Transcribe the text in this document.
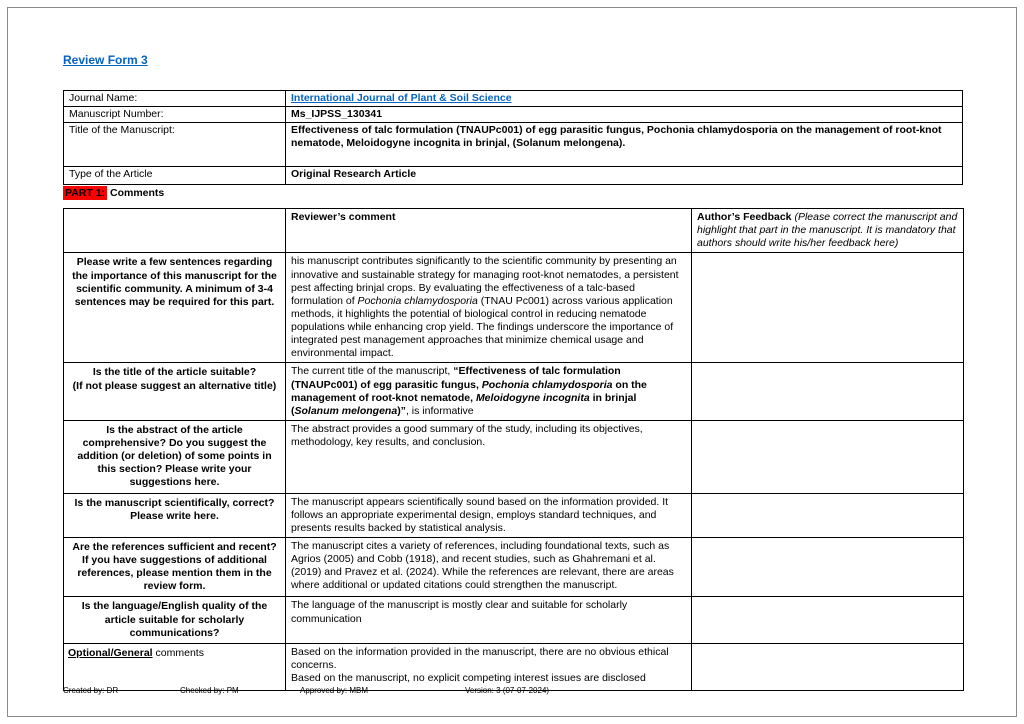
Review Form 3
Journal Name:	International Journal of Plant & Soil Science
Manuscript Number:	Ms_IJPSS_130341
Title of the Manuscript:	Effectiveness of talc formulation (TNAUPc001) of egg parasitic fungus, Pochonia chlamydosporia on the management of root-knot nematode, Meloidogyne incognita in brinjal, (Solanum melongena).
Type of the Article	Original Research Article
PART 1: Comments
	Reviewer’s comment	Author’s Feedback (Please correct the manuscript and highlight that part in the manuscript. It is mandatory that authors should write his/her feedback here)
Please write a few sentences regarding the importance of this manuscript for the scientific community. A minimum of 3-4 sentences may be required for this part.	his manuscript contributes significantly to the scientific community by presenting an innovative and sustainable strategy for managing root-knot nematodes, a persistent pest affecting brinjal crops. By evaluating the effectiveness of a talc-based formulation of Pochonia chlamydosporia (TNAU Pc001) across various application methods, it highlights the potential of biological control in reducing nematode populations while enhancing crop yield. The findings underscore the importance of integrated pest management approaches that minimize chemical usage and environmental impact.	
Is the title of the article suitable?
(If not please suggest an alternative title)	The current title of the manuscript, “Effectiveness of talc formulation (TNAUPc001) of egg parasitic fungus, Pochonia chlamydosporia on the management of root-knot nematode, Meloidogyne incognita in brinjal (Solanum melongena)”, is informative	
Is the abstract of the article comprehensive? Do you suggest the addition (or deletion) of some points in this section? Please write your suggestions here.	The abstract provides a good summary of the study, including its objectives, methodology, key results, and conclusion.	
Is the manuscript scientifically, correct? Please write here.	The manuscript appears scientifically sound based on the information provided. It follows an appropriate experimental design, employs standard techniques, and presents results backed by statistical analysis.	
Are the references sufficient and recent? If you have suggestions of additional references, please mention them in the review form.	The manuscript cites a variety of references, including foundational texts, such as Agrios (2005) and Cobb (1918), and recent studies, such as Ghahremani et al. (2019) and Pravez et al. (2024). While the references are relevant, there are areas where additional or updated citations could strengthen the manuscript.	
Is the language/English quality of the article suitable for scholarly communications?	The language of the manuscript is mostly clear and suitable for scholarly communication	
Optional/General comments	Based on the information provided in the manuscript, there are no obvious ethical concerns.
Based on the manuscript, no explicit competing interest issues are disclosed	
Created by: DR	Checked by: PM	Approved by: MBM	Version: 3 (07-07-2024)
